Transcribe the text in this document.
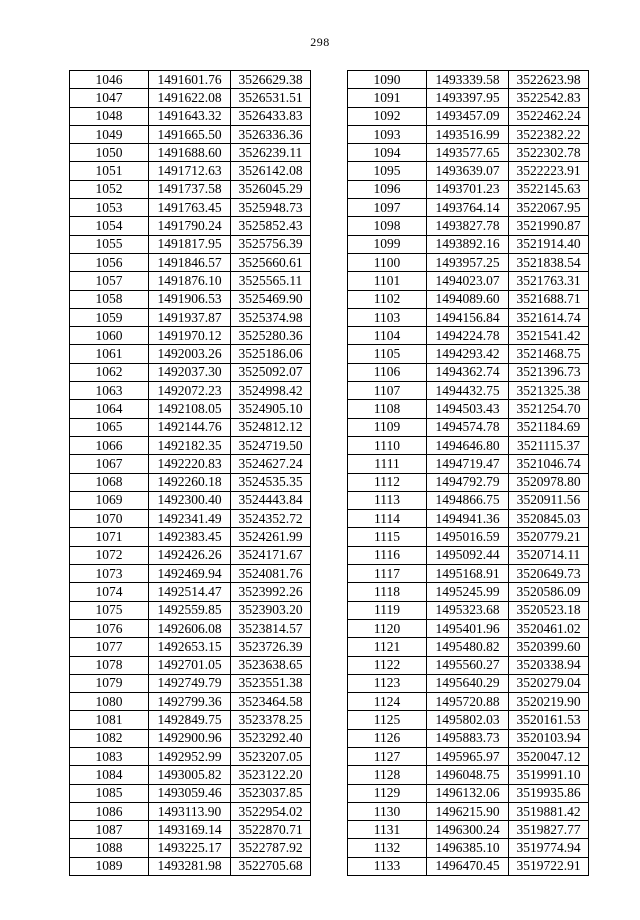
298
1046	1491601.76	3526629.38
1047	1491622.08	3526531.51
1048	1491643.32	3526433.83
1049	1491665.50	3526336.36
1050	1491688.60	3526239.11
1051	1491712.63	3526142.08
1052	1491737.58	3526045.29
1053	1491763.45	3525948.73
1054	1491790.24	3525852.43
1055	1491817.95	3525756.39
1056	1491846.57	3525660.61
1057	1491876.10	3525565.11
1058	1491906.53	3525469.90
1059	1491937.87	3525374.98
1060	1491970.12	3525280.36
1061	1492003.26	3525186.06
1062	1492037.30	3525092.07
1063	1492072.23	3524998.42
1064	1492108.05	3524905.10
1065	1492144.76	3524812.12
1066	1492182.35	3524719.50
1067	1492220.83	3524627.24
1068	1492260.18	3524535.35
1069	1492300.40	3524443.84
1070	1492341.49	3524352.72
1071	1492383.45	3524261.99
1072	1492426.26	3524171.67
1073	1492469.94	3524081.76
1074	1492514.47	3523992.26
1075	1492559.85	3523903.20
1076	1492606.08	3523814.57
1077	1492653.15	3523726.39
1078	1492701.05	3523638.65
1079	1492749.79	3523551.38
1080	1492799.36	3523464.58
1081	1492849.75	3523378.25
1082	1492900.96	3523292.40
1083	1492952.99	3523207.05
1084	1493005.82	3523122.20
1085	1493059.46	3523037.85
1086	1493113.90	3522954.02
1087	1493169.14	3522870.71
1088	1493225.17	3522787.92
1089	1493281.98	3522705.68
1090	1493339.58	3522623.98
1091	1493397.95	3522542.83
1092	1493457.09	3522462.24
1093	1493516.99	3522382.22
1094	1493577.65	3522302.78
1095	1493639.07	3522223.91
1096	1493701.23	3522145.63
1097	1493764.14	3522067.95
1098	1493827.78	3521990.87
1099	1493892.16	3521914.40
1100	1493957.25	3521838.54
1101	1494023.07	3521763.31
1102	1494089.60	3521688.71
1103	1494156.84	3521614.74
1104	1494224.78	3521541.42
1105	1494293.42	3521468.75
1106	1494362.74	3521396.73
1107	1494432.75	3521325.38
1108	1494503.43	3521254.70
1109	1494574.78	3521184.69
1110	1494646.80	3521115.37
1111	1494719.47	3521046.74
1112	1494792.79	3520978.80
1113	1494866.75	3520911.56
1114	1494941.36	3520845.03
1115	1495016.59	3520779.21
1116	1495092.44	3520714.11
1117	1495168.91	3520649.73
1118	1495245.99	3520586.09
1119	1495323.68	3520523.18
1120	1495401.96	3520461.02
1121	1495480.82	3520399.60
1122	1495560.27	3520338.94
1123	1495640.29	3520279.04
1124	1495720.88	3520219.90
1125	1495802.03	3520161.53
1126	1495883.73	3520103.94
1127	1495965.97	3520047.12
1128	1496048.75	3519991.10
1129	1496132.06	3519935.86
1130	1496215.90	3519881.42
1131	1496300.24	3519827.77
1132	1496385.10	3519774.94
1133	1496470.45	3519722.91
